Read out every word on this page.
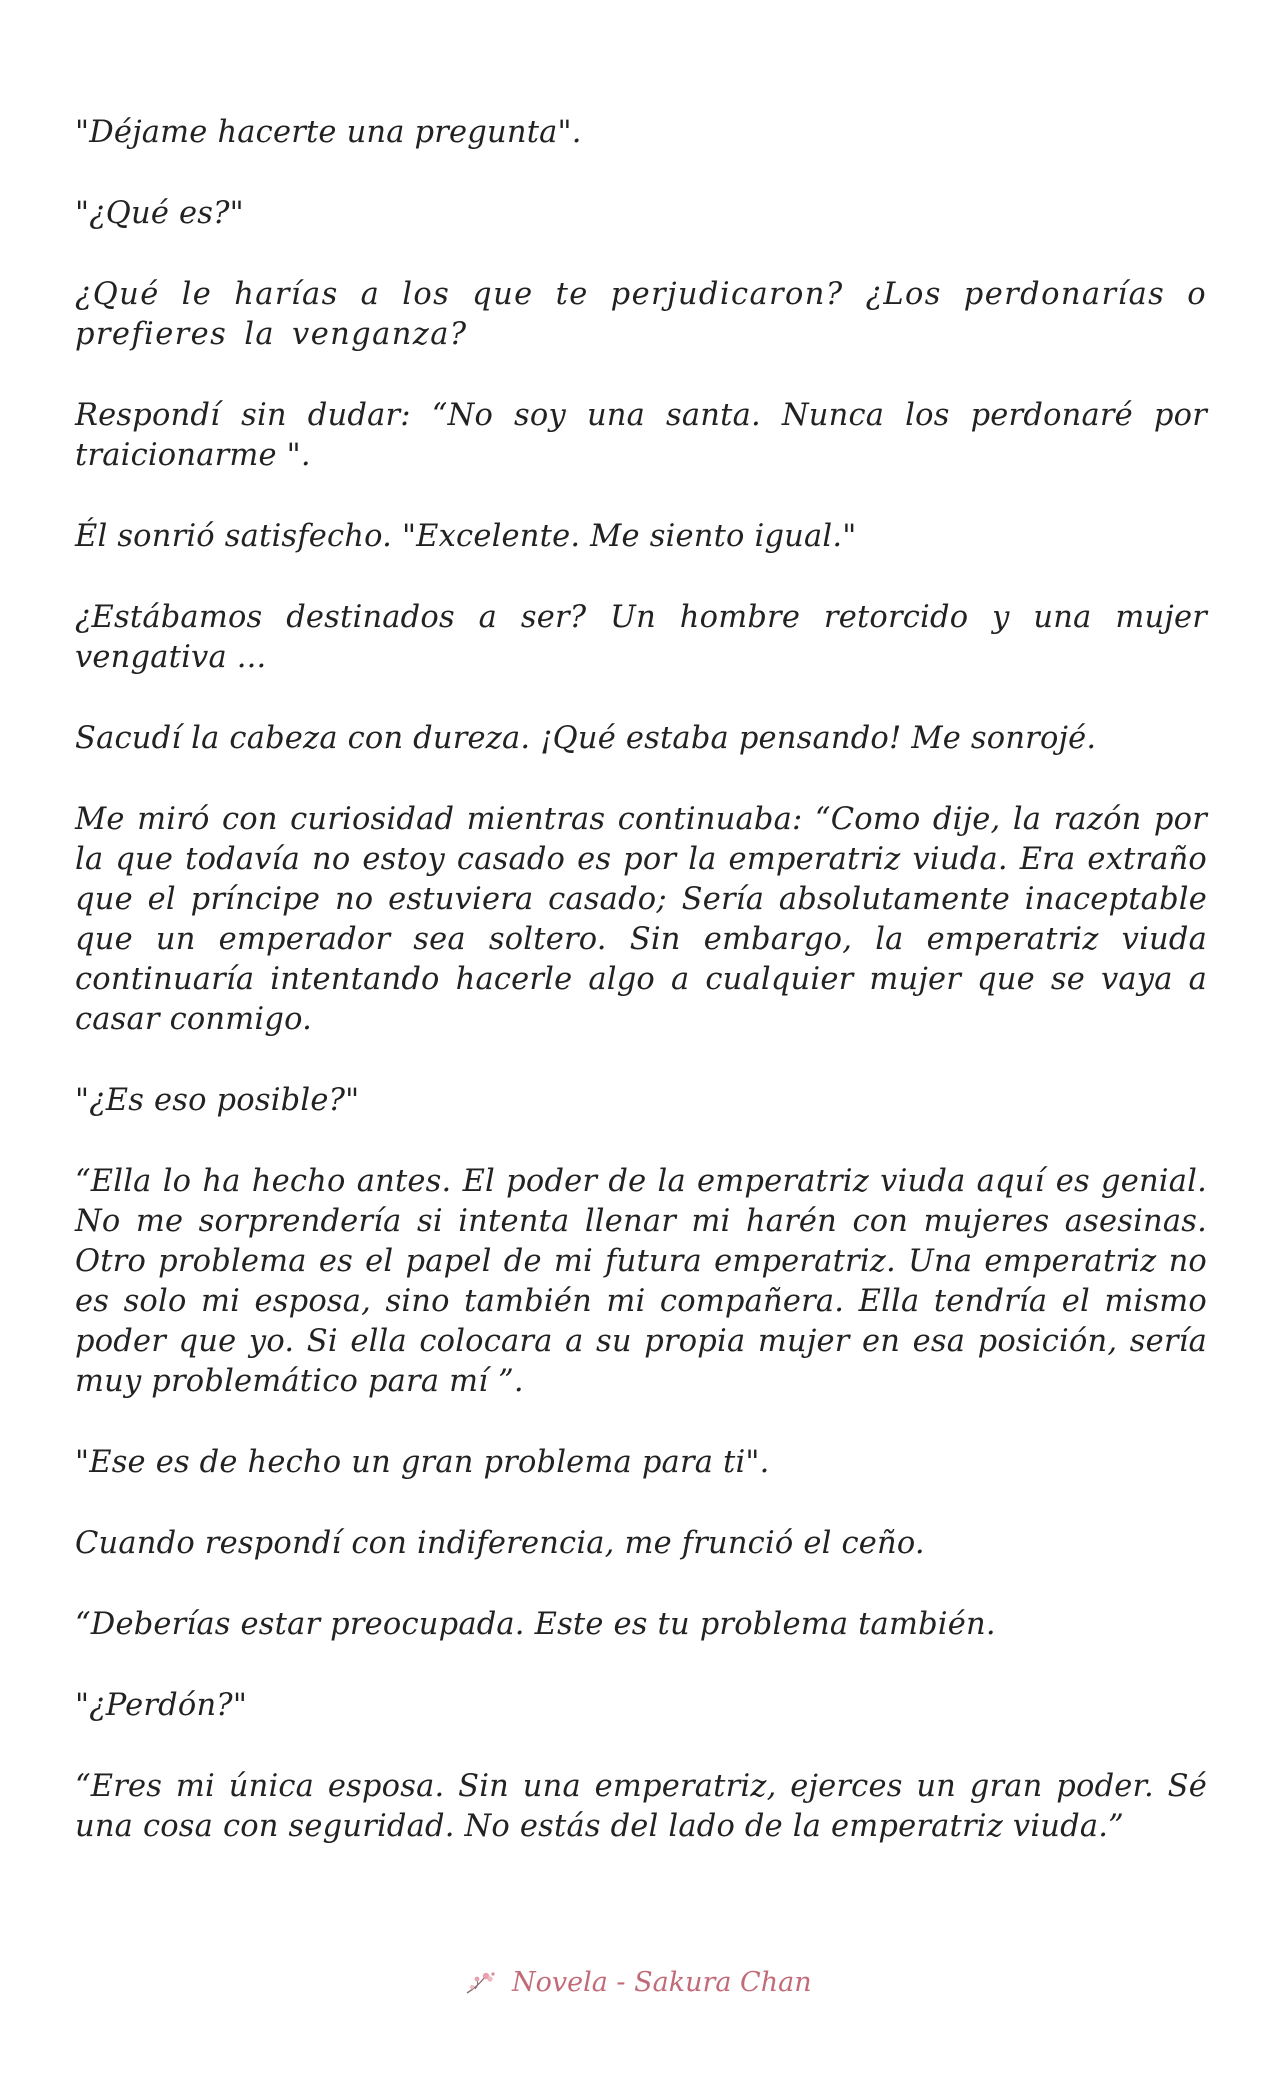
"Déjame hacerte una pregunta".

"¿Qué es?"

¿Qué le harías a los que te perjudicaron? ¿Los perdonarías o prefieres la venganza?

Respondí sin dudar: “No soy una santa. Nunca los perdonaré por traicionarme ".

Él sonrió satisfecho. "Excelente. Me siento igual."

¿Estábamos destinados a ser? Un hombre retorcido y una mujer vengativa ...

Sacudí la cabeza con dureza. ¡Qué estaba pensando! Me sonrojé.

Me miró con curiosidad mientras continuaba: “Como dije, la razón por la que todavía no estoy casado es por la emperatriz viuda. Era extraño que el príncipe no estuviera casado; Sería absolutamente inaceptable que un emperador sea soltero. Sin embargo, la emperatriz viuda continuaría intentando hacerle algo a cualquier mujer que se vaya a casar conmigo.

"¿Es eso posible?"

“Ella lo ha hecho antes. El poder de la emperatriz viuda aquí es genial. No me sorprendería si intenta llenar mi harén con mujeres asesinas. Otro problema es el papel de mi futura emperatriz. Una emperatriz no es solo mi esposa, sino también mi compañera. Ella tendría el mismo poder que yo. Si ella colocara a su propia mujer en esa posición, sería muy problemático para mí ”.

"Ese es de hecho un gran problema para ti".

Cuando respondí con indiferencia, me frunció el ceño.

“Deberías estar preocupada. Este es tu problema también.

"¿Perdón?"

“Eres mi única esposa. Sin una emperatriz, ejerces un gran poder. Sé una cosa con seguridad. No estás del lado de la emperatriz viuda.”

Novela - Sakura Chan
